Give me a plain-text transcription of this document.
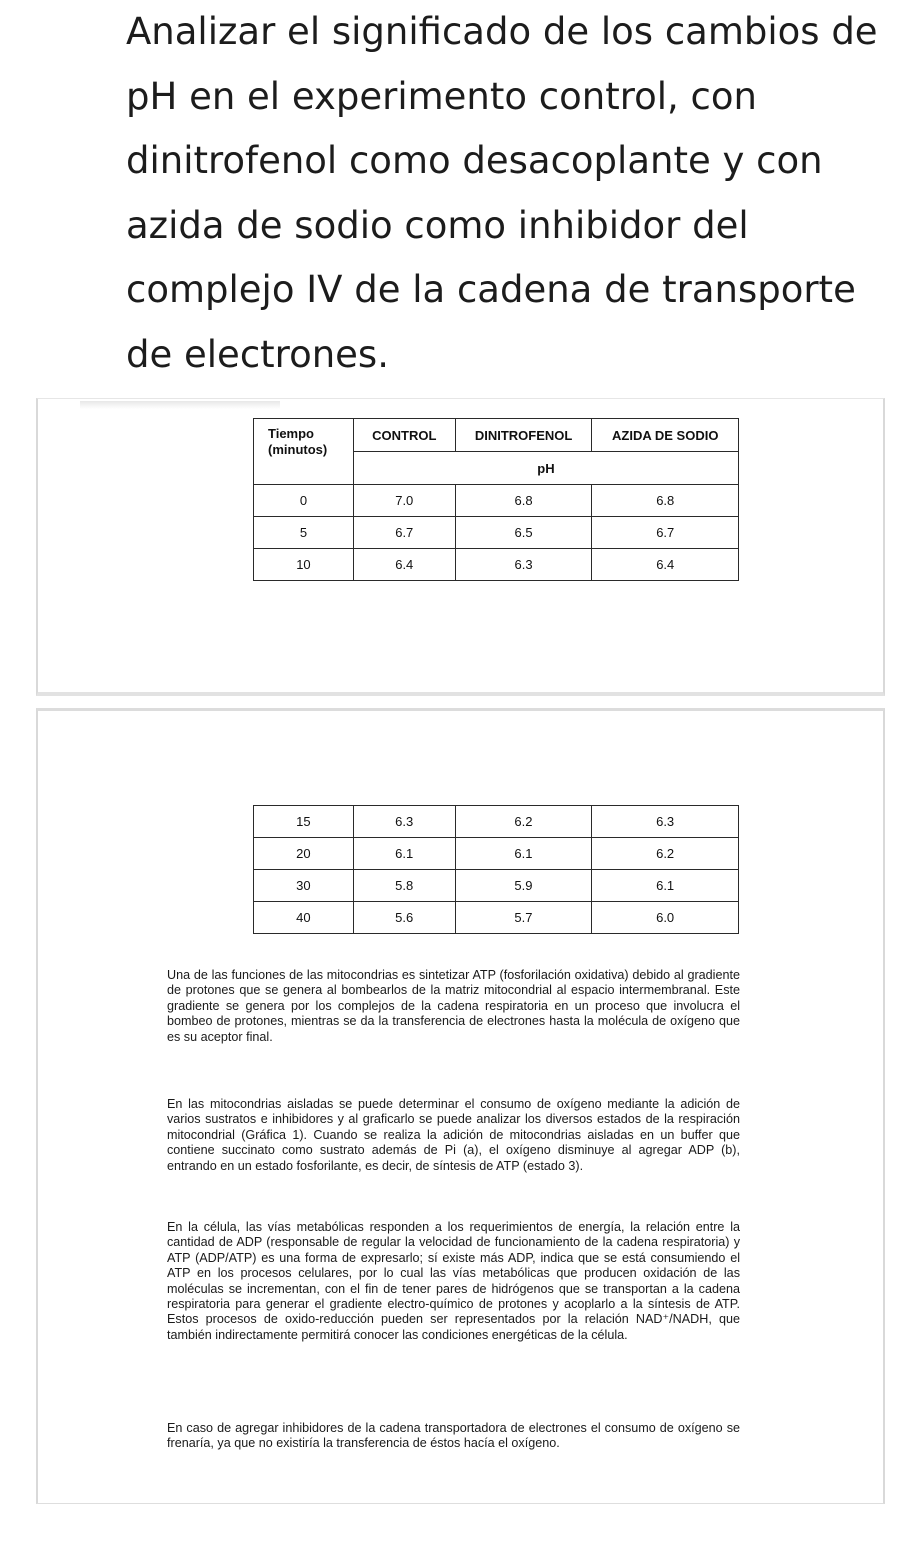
Analizar el significado de los cambios de pH en el experimento control, con dinitrofenol como desacoplante y con azida de sodio como inhibidor del complejo IV de la cadena de transporte de electrones.
Tiempo (minutos)	CONTROL	DINITROFENOL	AZIDA DE SODIO
	pH		
0	7.0	6.8	6.8
5	6.7	6.5	6.7
10	6.4	6.3	6.4
15	6.3	6.2	6.3
20	6.1	6.1	6.2
30	5.8	5.9	6.1
40	5.6	5.7	6.0

Una de las funciones de las mitocondrias es sintetizar ATP (fosforilación oxidativa) debido al gradiente de protones que se genera al bombearlos de la matriz mitocondrial al espacio intermembranal. Este gradiente se genera por los complejos de la cadena respiratoria en un proceso que involucra el bombeo de protones, mientras se da la transferencia de electrones hasta la molécula de oxígeno que es su aceptor final.

En las mitocondrias aisladas se puede determinar el consumo de oxígeno mediante la adición de varios sustratos e inhibidores y al graficarlo se puede analizar los diversos estados de la respiración mitocondrial (Gráfica 1). Cuando se realiza la adición de mitocondrias aisladas en un buffer que contiene succinato como sustrato además de Pi (a), el oxígeno disminuye al agregar ADP (b), entrando en un estado fosforilante, es decir, de síntesis de ATP (estado 3).

En la célula, las vías metabólicas responden a los requerimientos de energía, la relación entre la cantidad de ADP (responsable de regular la velocidad de funcionamiento de la cadena respiratoria) y ATP (ADP/ATP) es una forma de expresarlo; sí existe más ADP, indica que se está consumiendo el ATP en los procesos celulares, por lo cual las vías metabólicas que producen oxidación de las moléculas se incrementan, con el fin de tener pares de hidrógenos que se transportan a la cadena respiratoria para generar el gradiente electro-químico de protones y acoplarlo a la síntesis de ATP. Estos procesos de oxido-reducción pueden ser representados por la relación NAD⁺/NADH, que también indirectamente permitirá conocer las condiciones energéticas de la célula.

En caso de agregar inhibidores de la cadena transportadora de electrones el consumo de oxígeno se frenaría, ya que no existiría la transferencia de éstos hacía el oxígeno.
